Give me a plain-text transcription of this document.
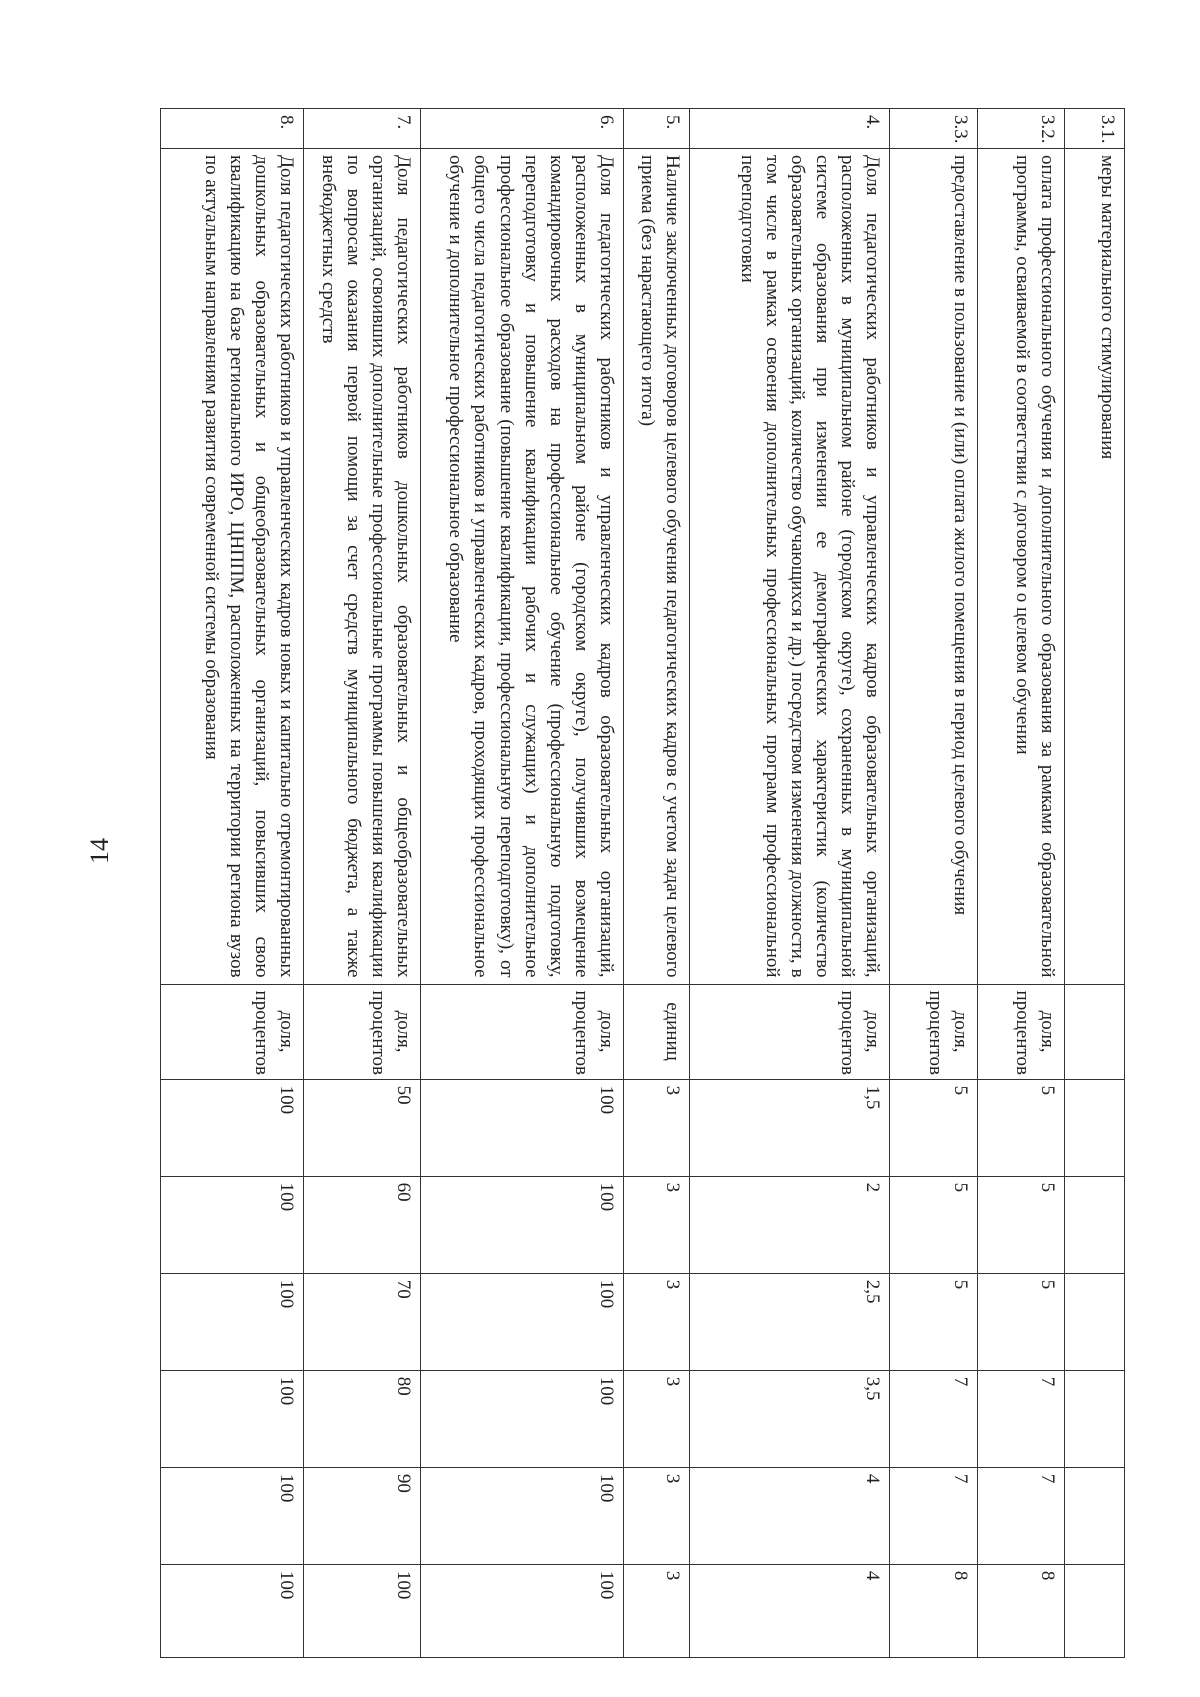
14
3.1.	меры материального стимулирования							
3.2.	оплата профессионального обучения и дополнительного образования за рамками образовательной программы, осваиваемой в соответствии с договором о целевом обучении	доля, процентов	5	5	5	7	7	8
3.3.	предоставление в пользование и (или) оплата жилого помещения в период целевого обучения	доля, процентов	5	5	5	7	7	8
4.	Доля педагогических работников и управленческих кадров образовательных организаций, расположенных в муниципальном районе (городском округе), сохраненных в муниципальной системе образования при изменении ее демографических характеристик (количество образовательных организаций, количество обучающихся и др.) посредством изменения должности, в том числе в рамках освоения дополнительных профессиональных программ профессиональной переподготовки	доля, процентов	1,5	2	2,5	3,5	4	4
5.	Наличие заключенных договоров целевого обучения педагогических кадров с учетом задач целевого приема (без нарастающего итога)	единиц	3	3	3	3	3	3
6.	Доля педагогических работников и управленческих кадров образовательных организаций, расположенных в муниципальном районе (городском округе), получивших возмещение командировочных расходов на профессиональное обучение (профессиональную подготовку, переподготовку и повышение квалификации рабочих и служащих) и дополнительное профессиональное образование (повышение квалификации, профессиональную переподготовку), от общего числа педагогических работников и управленческих кадров, проходящих профессиональное обучение и дополнительное профессиональное образование	доля, процентов	100	100	100	100	100	100
7.	Доля педагогических работников дошкольных образовательных и общеобразовательных организаций, освоивших дополнительные профессиональные программы повышения квалификации по вопросам оказания первой помощи за счет средств муниципального бюджета, а также внебюджетных средств	доля, процентов	50	60	70	80	90	100
8.	Доля педагогических работников и управленческих кадров новых и капитально отремонтированных дошкольных образовательных и общеобразовательных организаций, повысивших свою квалификацию на базе регионального ИРО, ЦНППМ, расположенных на территории региона вузов по актуальным направлениям развития современной системы образования	доля, процентов	100	100	100	100	100	100
